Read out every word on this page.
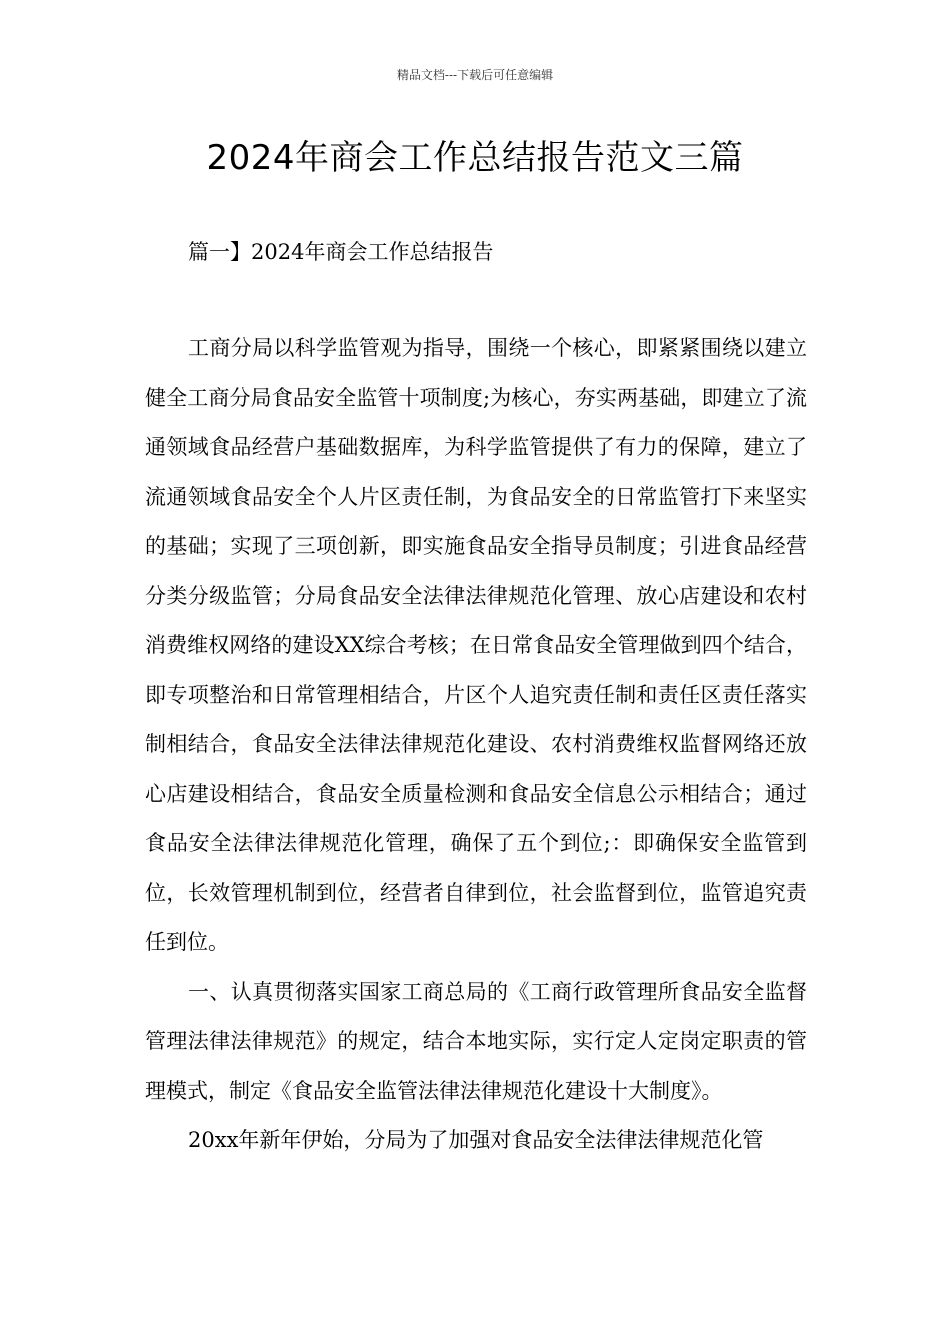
精品文档---下载后可任意编辑
2024年商会工作总结报告范文三篇
篇一】2024年商会工作总结报告

工商分局以科学监管观为指导，围绕一个核心，即紧紧围绕以建立健全工商分局食品安全监管十项制度;为核心，夯实两基础，即建立了流通领域食品经营户基础数据库，为科学监管提供了有力的保障，建立了流通领域食品安全个人片区责任制，为食品安全的日常监管打下来坚实的基础；实现了三项创新，即实施食品安全指导员制度；引进食品经营分类分级监管；分局食品安全法律法律规范化管理、放心店建设和农村消费维权网络的建设XX综合考核；在日常食品安全管理做到四个结合，即专项整治和日常管理相结合，片区个人追究责任制和责任区责任落实制相结合，食品安全法律法律规范化建设、农村消费维权监督网络还放心店建设相结合，食品安全质量检测和食品安全信息公示相结合；通过食品安全法律法律规范化管理，确保了五个到位;：即确保安全监管到位，长效管理机制到位，经营者自律到位，社会监督到位，监管追究责任到位。

一、认真贯彻落实国家工商总局的《工商行政管理所食品安全监督管理法律法律规范》的规定，结合本地实际，实行定人定岗定职责的管理模式，制定《食品安全监管法律法律规范化建设十大制度》。

20xx年新年伊始，分局为了加强对食品安全法律法律规范化管
